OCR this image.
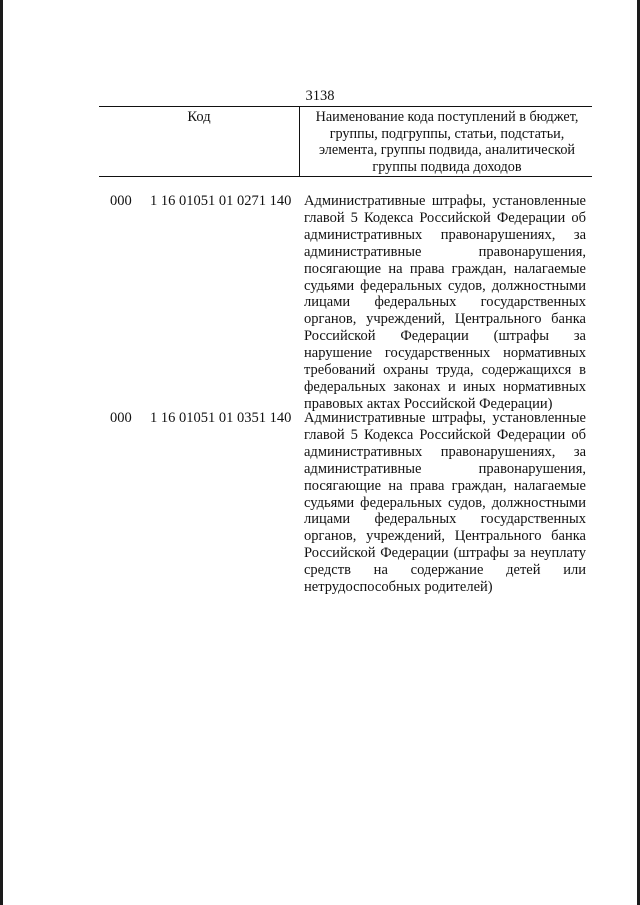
3138
Код	Наименование кода поступлений в бюджет,
группы, подгруппы, статьи, подстатьи,
элемента, группы подвида, аналитической
группы подвида доходов
000 1 16 01051 01 0271 140 Административные штрафы, установленные
главой 5 Кодекса Российской Федерации об
административных правонарушениях, за
административные правонарушения,
посягающие на права граждан, налагаемые
судьями федеральных судов, должностными
лицами федеральных государственных
органов, учреждений, Центрального банка
Российской Федерации (штрафы за
нарушение государственных нормативных
требований охраны труда, содержащихся в
федеральных законах и иных нормативных
правовых актах Российской Федерации)
000 1 16 01051 01 0351 140 Административные штрафы, установленные
главой 5 Кодекса Российской Федерации об
административных правонарушениях, за
административные правонарушения,
посягающие на права граждан, налагаемые
судьями федеральных судов, должностными
лицами федеральных государственных
органов, учреждений, Центрального банка
Российской Федерации (штрафы за неуплату
средств на содержание детей или
нетрудоспособных родителей)
